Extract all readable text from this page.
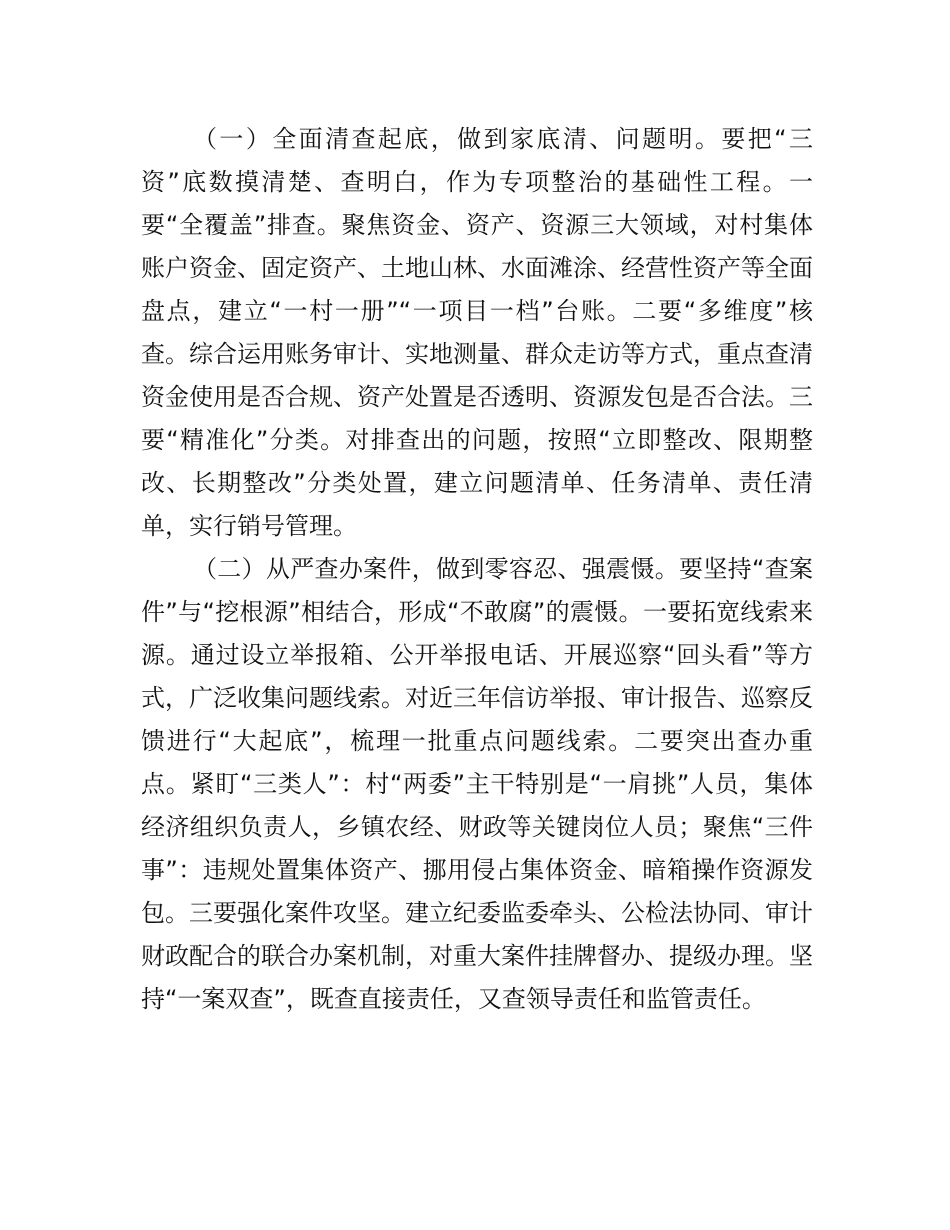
（一）全面清查起底，做到家底清、问题明。要把“三资”底数摸清楚、查明白，作为专项整治的基础性工程。一要“全覆盖”排查。聚焦资金、资产、资源三大领域，对村集体账户资金、固定资产、土地山林、水面滩涂、经营性资产等全面盘点，建立“一村一册”“一项目一档”台账。二要“多维度”核查。综合运用账务审计、实地测量、群众走访等方式，重点查清资金使用是否合规、资产处置是否透明、资源发包是否合法。三要“精准化”分类。对排查出的问题，按照“立即整改、限期整改、长期整改”分类处置，建立问题清单、任务清单、责任清单，实行销号管理。

（二）从严查办案件，做到零容忍、强震慑。要坚持“查案件”与“挖根源”相结合，形成“不敢腐”的震慑。一要拓宽线索来源。通过设立举报箱、公开举报电话、开展巡察“回头看”等方式，广泛收集问题线索。对近三年信访举报、审计报告、巡察反馈进行“大起底”，梳理一批重点问题线索。二要突出查办重点。紧盯“三类人”：村“两委”主干特别是“一肩挑”人员，集体经济组织负责人，乡镇农经、财政等关键岗位人员；聚焦“三件事”：违规处置集体资产、挪用侵占集体资金、暗箱操作资源发包。三要强化案件攻坚。建立纪委监委牵头、公检法协同、审计财政配合的联合办案机制，对重大案件挂牌督办、提级办理。坚持“一案双查”，既查直接责任，又查领导责任和监管责任。
